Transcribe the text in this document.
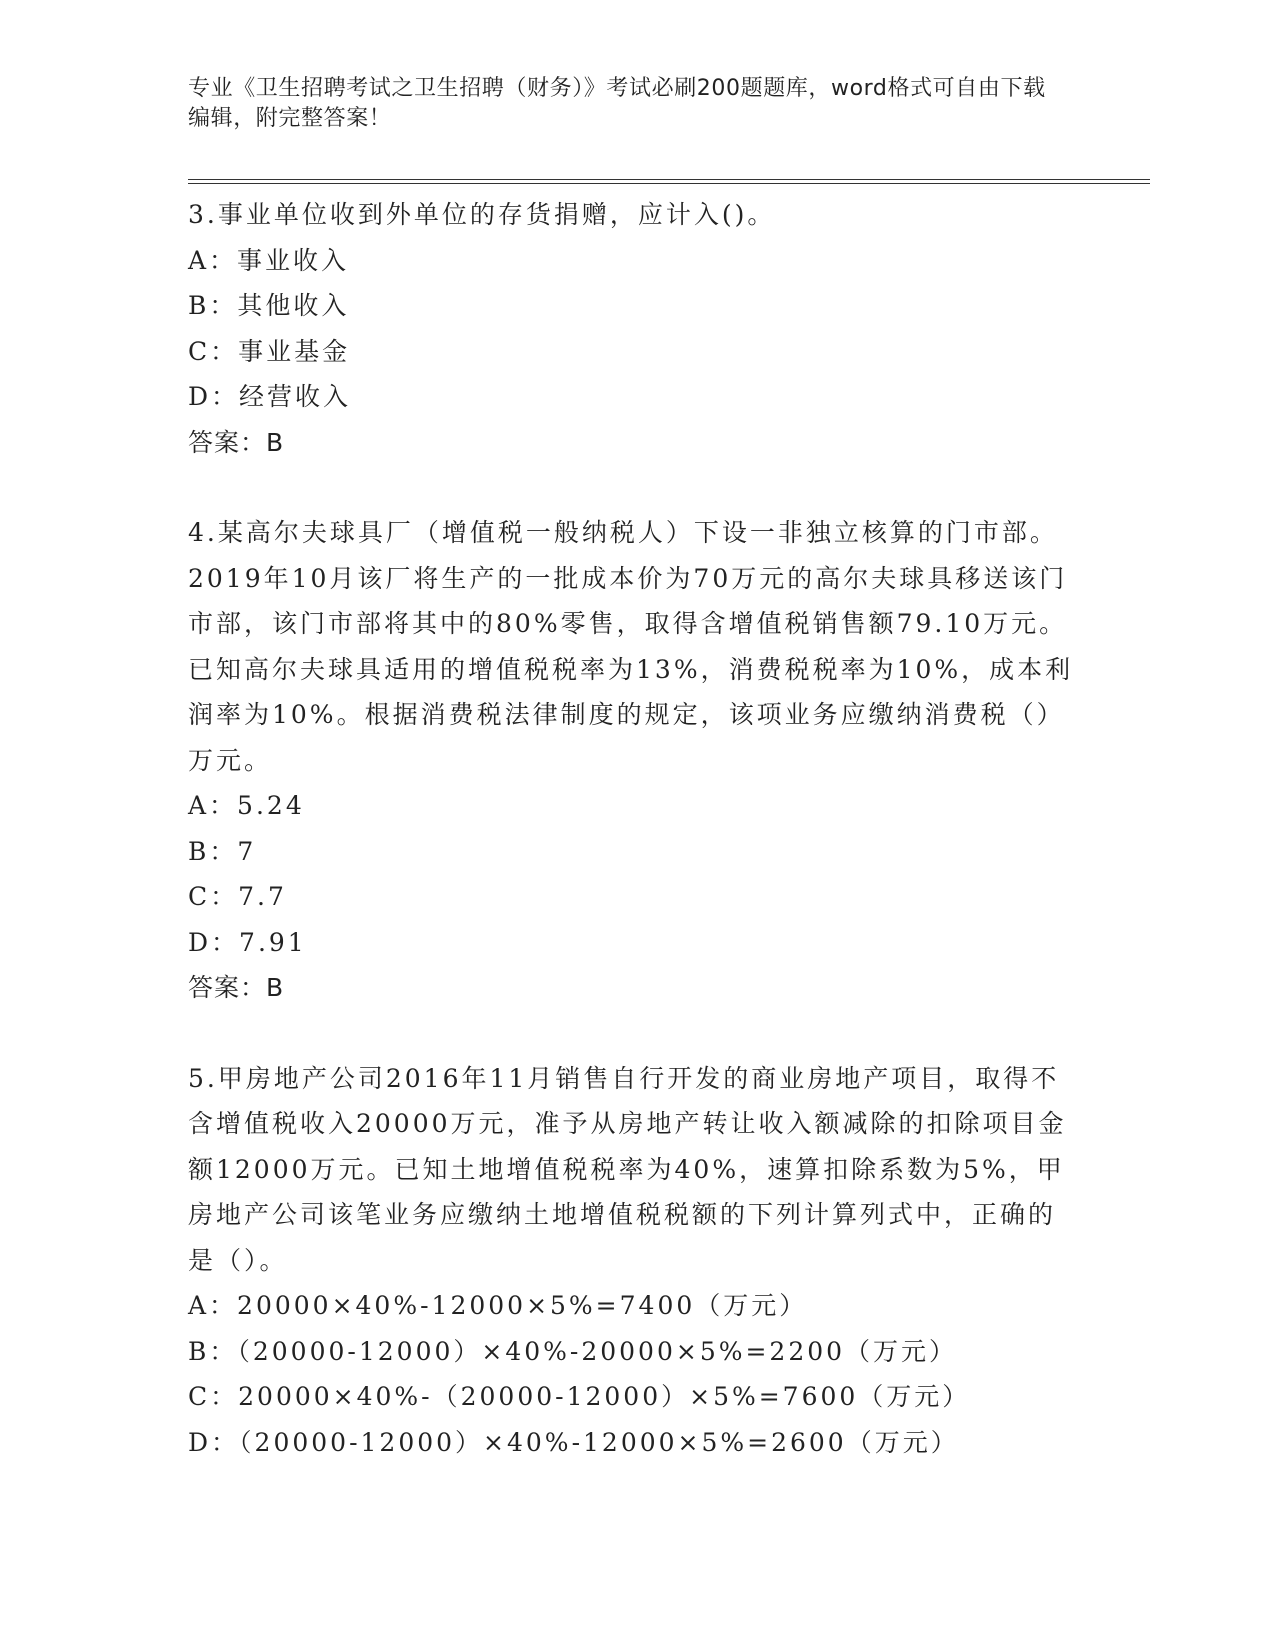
专业《卫生招聘考试之卫生招聘（财务）》考试必刷200题题库，word格式可自由下载编辑，附完整答案！

3.事业单位收到外单位的存货捐赠，应计入()。

A：事业收入

B：其他收入

C：事业基金

D：经营收入

答案：B

4.某高尔夫球具厂（增值税一般纳税人）下设一非独立核算的门市部。2019年10月该厂将生产的一批成本价为70万元的高尔夫球具移送该门市部，该门市部将其中的80%零售，取得含增值税销售额79.10万元。已知高尔夫球具适用的增值税税率为13%，消费税税率为10%，成本利润率为10%。根据消费税法律制度的规定，该项业务应缴纳消费税（）万元。

A：5.24

B：7

C：7.7

D：7.91

答案：B

5.甲房地产公司2016年11月销售自行开发的商业房地产项目，取得不含增值税收入20000万元，准予从房地产转让收入额减除的扣除项目金额12000万元。已知土地增值税税率为40%，速算扣除系数为5%，甲房地产公司该笔业务应缴纳土地增值税税额的下列计算列式中，正确的是（）。

A：20000×40%-12000×5%=7400（万元）

B：（20000-12000）×40%-20000×5%=2200（万元）

C：20000×40%-（20000-12000）×5%=7600（万元）

D：（20000-12000）×40%-12000×5%=2600（万元）
